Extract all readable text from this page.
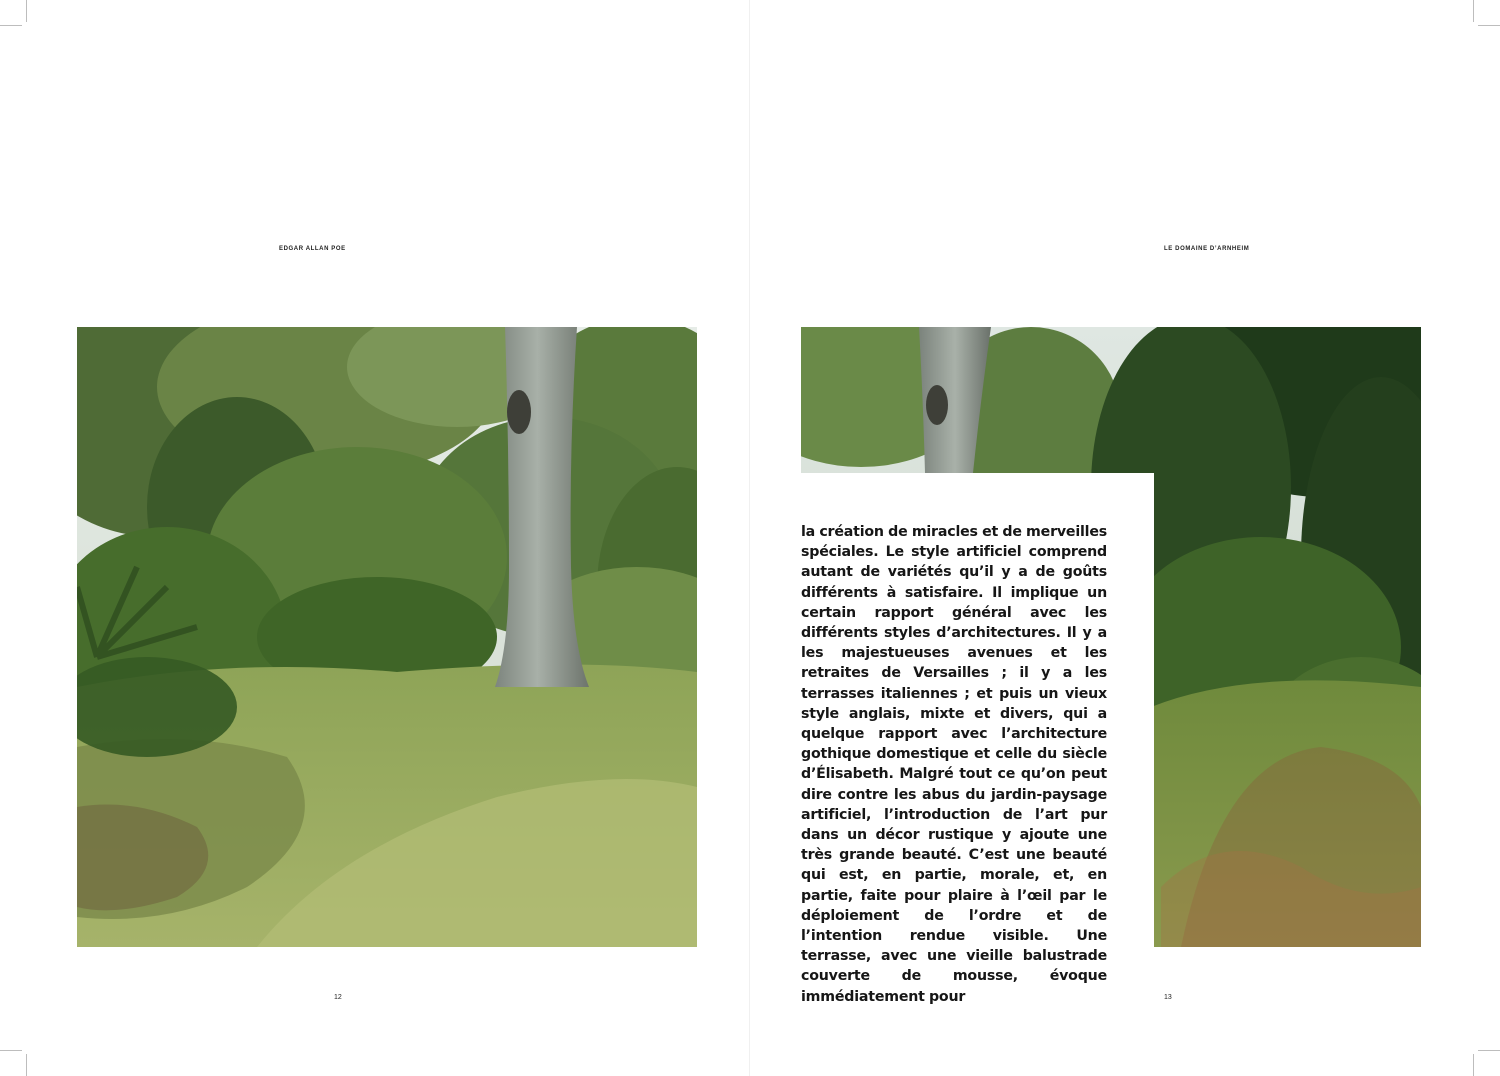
EDGAR ALLAN POE
12
LE DOMAINE D’ARNHEIM

la création de miracles et de merveilles spéciales. Le style artificiel comprend autant de variétés qu’il y a de goûts différents à satisfaire. Il implique un certain rapport général avec les différents styles d’architectures. Il y a les majestueuses avenues et les retraites de Versailles ; il y a les terrasses italiennes ; et puis un vieux style anglais, mixte et divers, qui a quelque rapport avec l’architecture gothique domestique et celle du siècle d’Élisabeth. Malgré tout ce qu’on peut dire contre les abus du jardin-paysage artificiel, l’introduction de l’art pur dans un décor rustique y ajoute une très grande beauté. C’est une beauté qui est, en partie, morale, et, en partie, faite pour plaire à l’œil par le déploiement de l’ordre et de l’intention rendue visible. Une terrasse, avec une vieille balustrade couverte de mousse, évoque immédiatement pour	13
